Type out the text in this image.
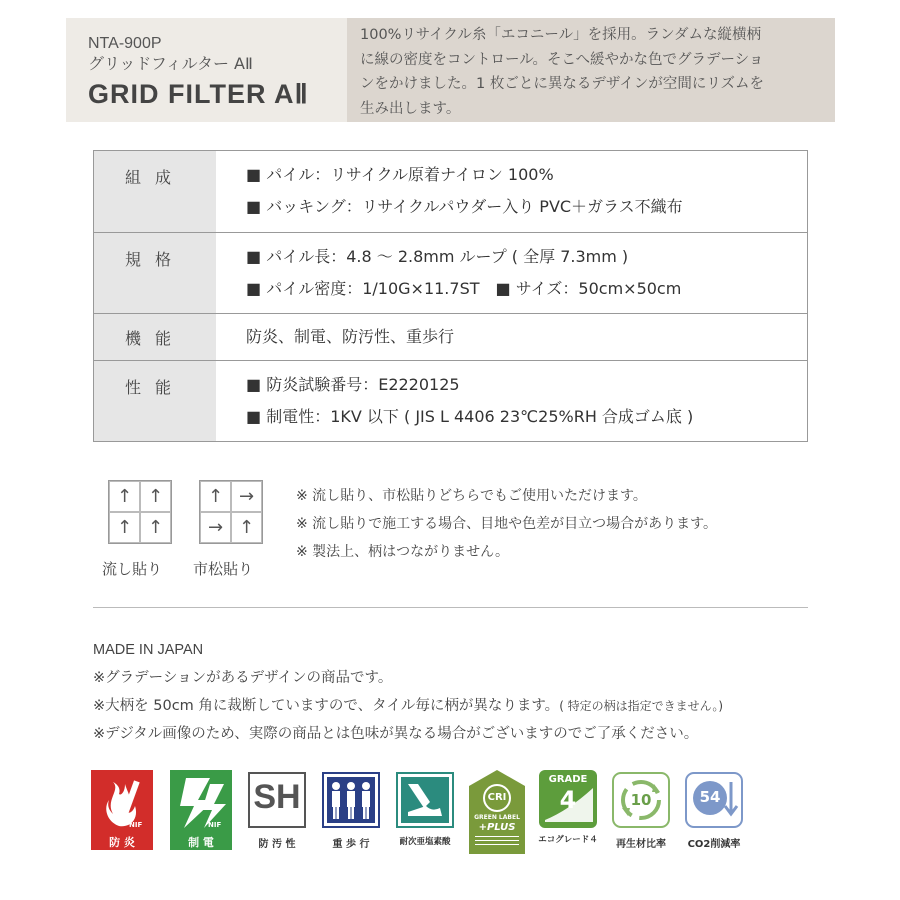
NTA-900P
グリッドフィルター AⅡ
GRID FILTER AⅡ
100%リサイクル糸「エコニール」を採用。ランダムな縦横柄
に線の密度をコントロール。そこへ緩やかな色でグラデーショ
ンをかけました。1 枚ごとに異なるデザインが空間にリズムを
生み出します。
組成	■ パイル：リサイクル原着ナイロン 100%
■ バッキング：リサイクルパウダー入り PVC＋ガラス不織布
規格	■ パイル長：4.8 ～ 2.8mm ループ ( 全厚 7.3mm )
■ パイル密度：1/10G×11.7ST　■ サイズ：50cm×50cm
機能	防炎、制電、防汚性、重歩行
性能	■ 防炎試験番号：E2220125
■ 制電性：1KV 以下 ( JIS L 4406 23℃25%RH 合成ゴム底 )
↑ ↑
↑ ↑
流し貼り
↑ →
→ ↑
市松貼り
※ 流し貼り、市松貼りどちらでもご使用いただけます。
※ 流し貼りで施工する場合、目地や色差が目立つ場合があります。
※ 製法上、柄はつながりません。
MADE IN JAPAN
※グラデーションがあるデザインの商品です。
※大柄を 50cm 角に裁断していますので、タイル毎に柄が異なります。( 特定の柄は指定できません。)
※デジタル画像のため、実際の商品とは色味が異なる場合がございますのでご了承ください。
NIF
防 炎
NIF
制 電
SH
防 汚 性	重 歩 行	耐次亜塩素酸
CRI
GREEN LABEL
+PLUS
GRADE
4
エコグレード４
10
再生材比率
54
CO2削減率
